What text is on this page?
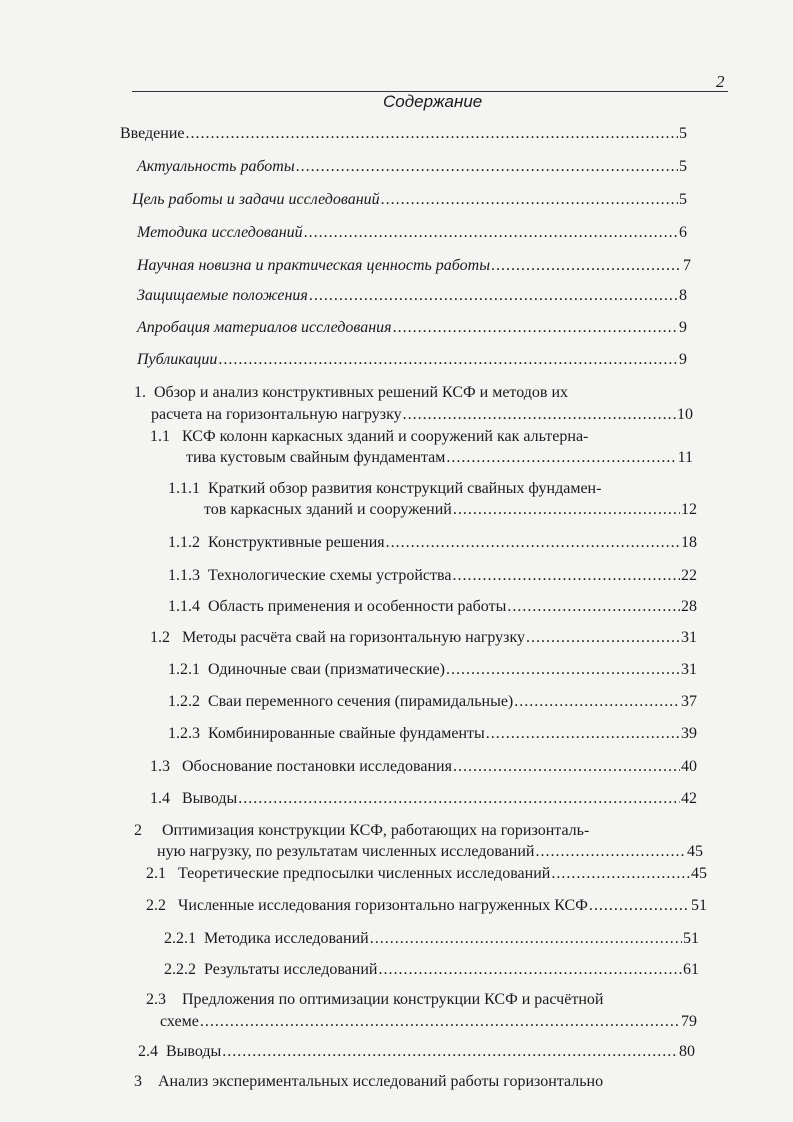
2
Содержание
Введение .....	5
Актуальность работы .....	5
Цель работы и задачи исследований .....	5
Методика исследований .....	6
Научная новизна и практическая ценность работы .....	7
Защищаемые положения .....	8
Апробация материалов исследования .....	9
Публикации .....	9
1. Обзор и анализ конструктивных решений КСФ и методов их
расчета на горизонтальную нагрузку .....	10
1.1 КСФ колонн каркасных зданий и сооружений как альтерна-
тива кустовым свайным фундаментам .....	11
1.1.1 Краткий обзор развития конструкций свайных фундамен-
тов каркасных зданий и сооружений .....	12
1.1.2
Конструктивные решения .....	18
1.1.3
Технологические схемы устройства .....	22
1.1.4
Область применения и особенности работы .....	28
1.2
Методы расчёта свай на горизонтальную нагрузку .....	31
1.2.1
Одиночные сваи (призматические) .....	31
1.2.2
Сваи переменного сечения (пирамидальные) .....	37
1.2.3
Комбинированные свайные фундаменты .....	39
1.3
Обоснование постановки исследования .....	40
1.4
Выводы .....	42
2 Оптимизация конструкции КСФ, работающих на горизонталь-
ную нагрузку, по результатам численных исследований .....	45
2.1
Теоретические предпосылки численных исследований .....	45
2.2
Численные исследования горизонтально нагруженных КСФ .....	51
2.2.1
Методика исследований .....	51
2.2.2
Результаты исследований .....	61
2.3 Предложения по оптимизации конструкции КСФ и расчётной
схеме .....	79
2.4
Выводы .....	80
3 Анализ экспериментальных исследований работы горизонтально
